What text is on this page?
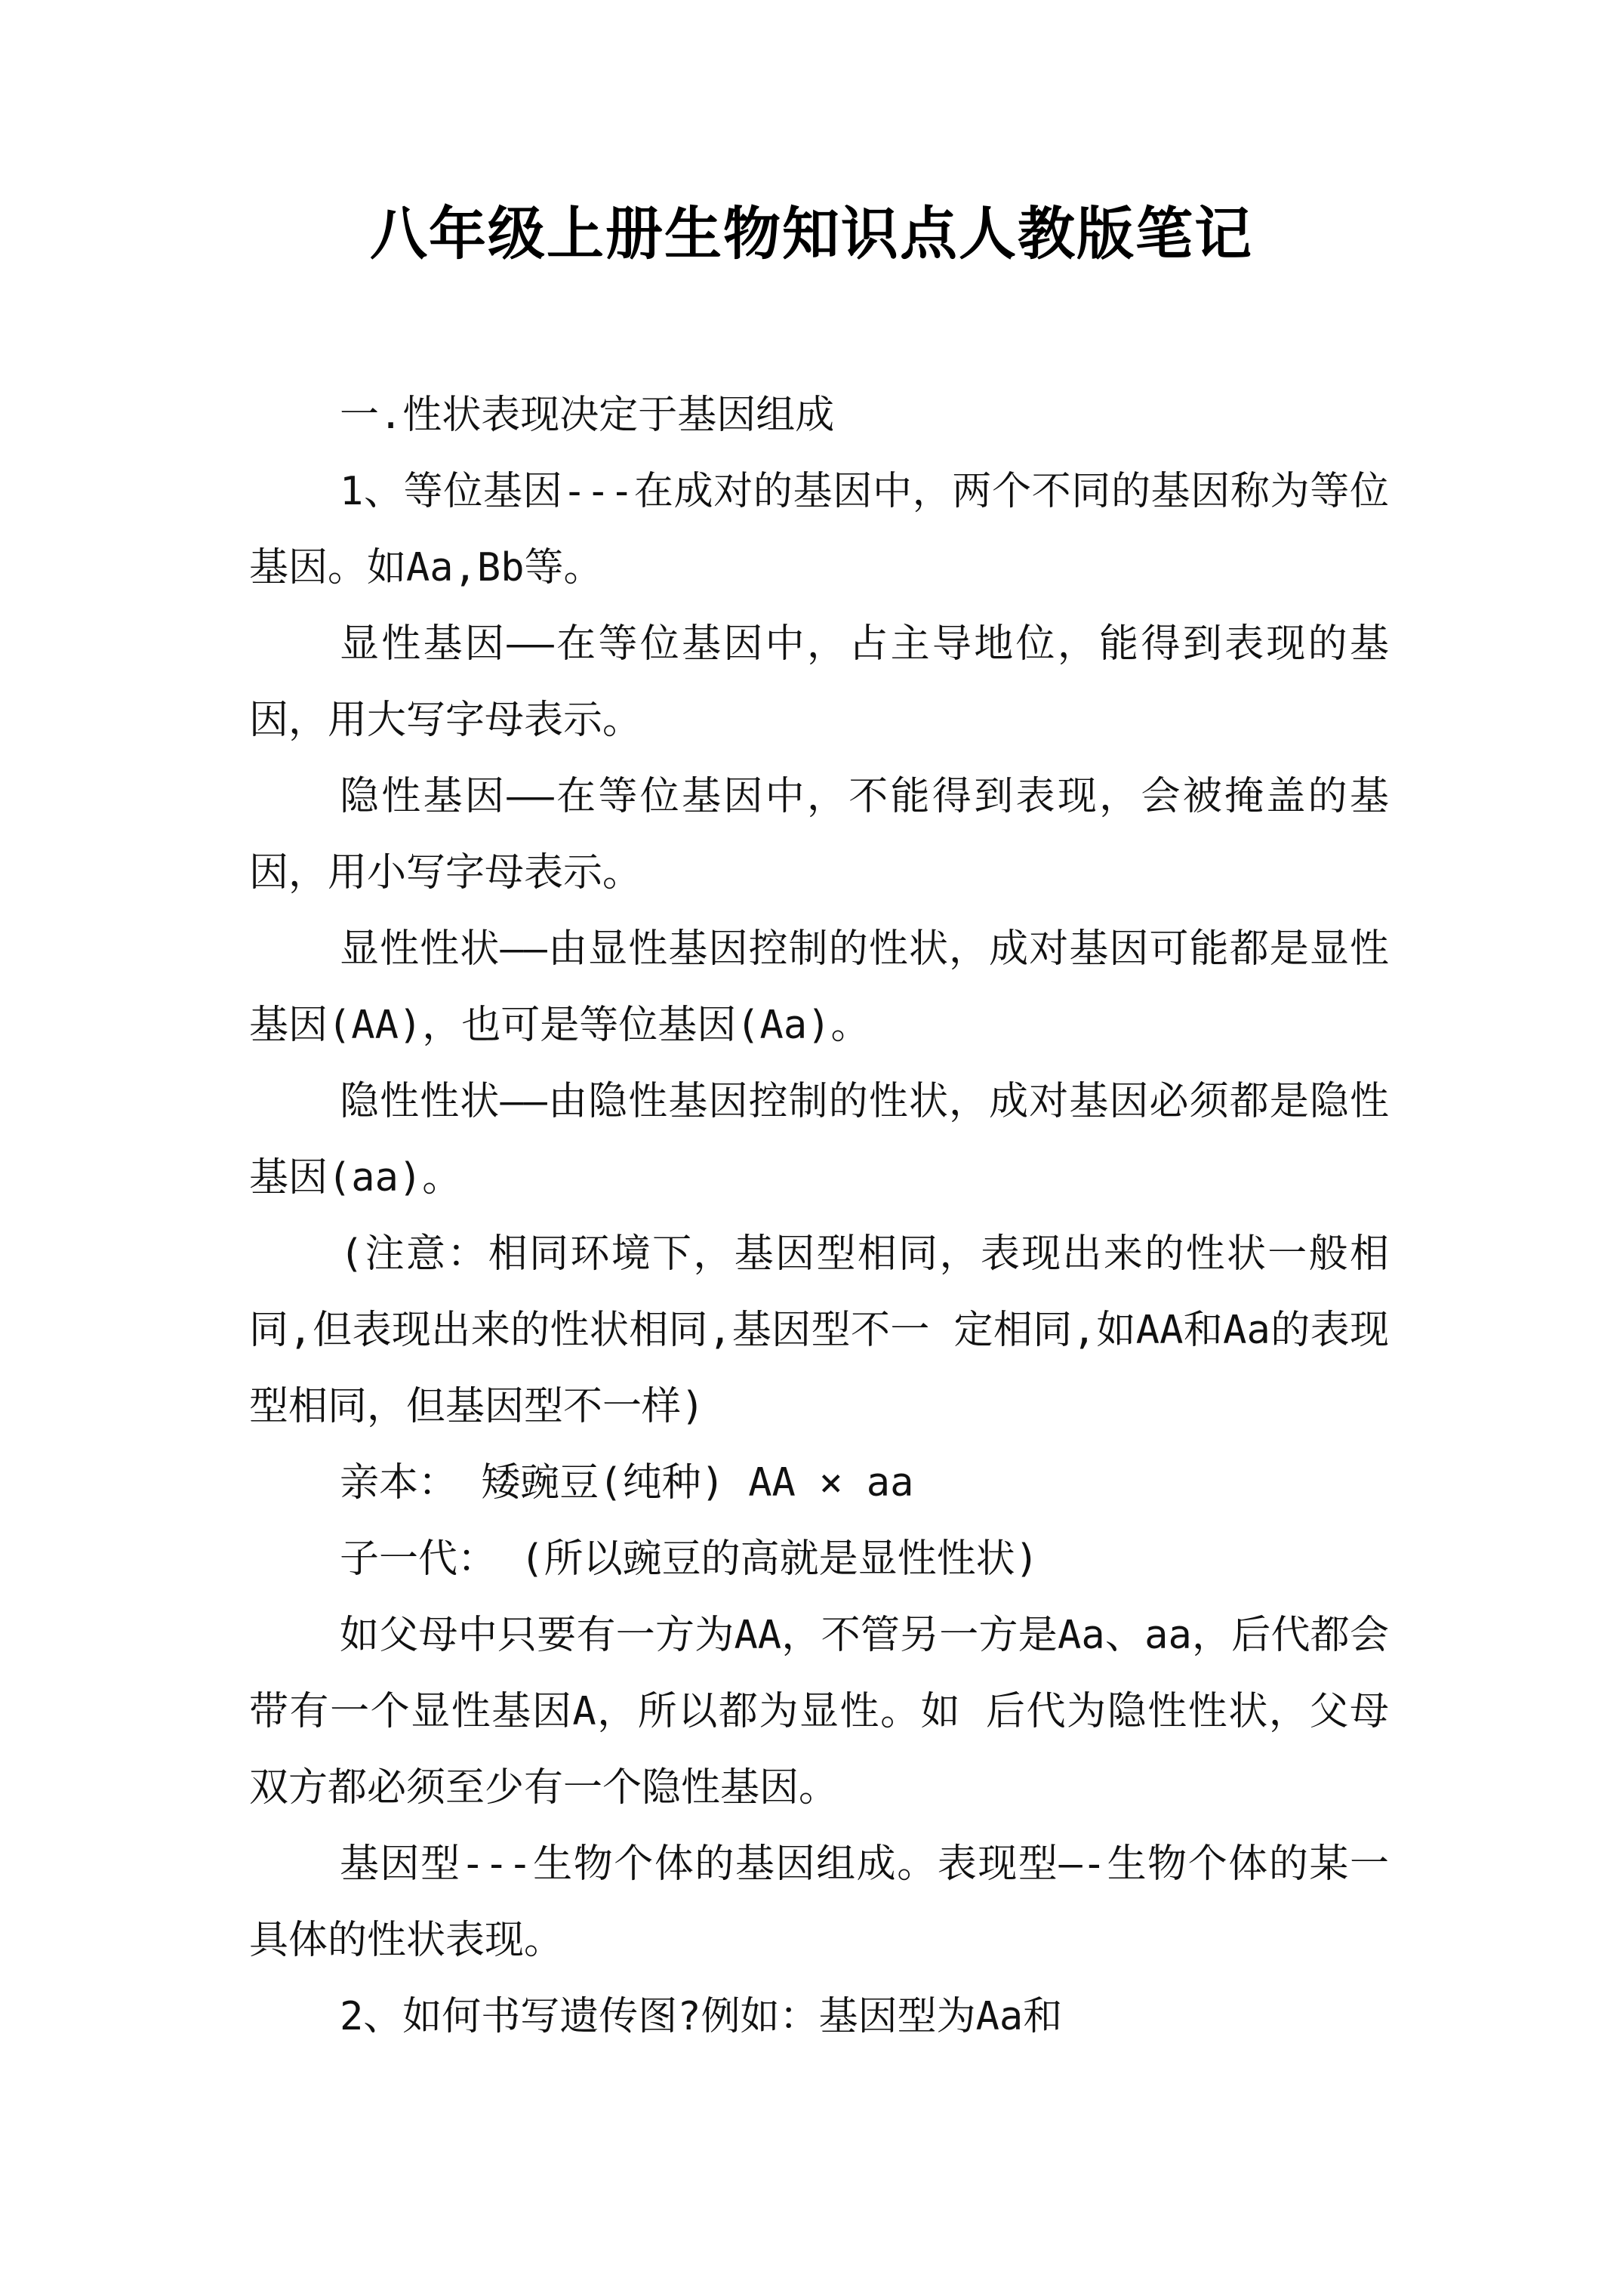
八年级上册生物知识点人教版笔记

一.性状表现决定于基因组成

1、等位基因---在成对的基因中，两个不同的基因称为等位基因。如Aa,Bb等。

显性基因——在等位基因中，占主导地位，能得到表现的基因，用大写字母表示。

隐性基因——在等位基因中，不能得到表现，会被掩盖的基因，用小写字母表示。

显性性状——由显性基因控制的性状，成对基因可能都是显性基因(AA)，也可是等位基因(Aa)。

隐性性状——由隐性基因控制的性状，成对基因必须都是隐性基因(aa)。

(注意：相同环境下，基因型相同，表现出来的性状一般相同,但表现出来的性状相同,基因型不一 定相同,如AA和Aa的表现型相同，但基因型不一样)

亲本： 矮豌豆(纯种) AA × aa

子一代： (所以豌豆的高就是显性性状)

如父母中只要有一方为AA，不管另一方是Aa、aa，后代都会带有一个显性基因A，所以都为显性。如 后代为隐性性状，父母双方都必须至少有一个隐性基因。

基因型---生物个体的基因组成。表现型—-生物个体的某一具体的性状表现。

2、如何书写遗传图?例如：基因型为Aa和
